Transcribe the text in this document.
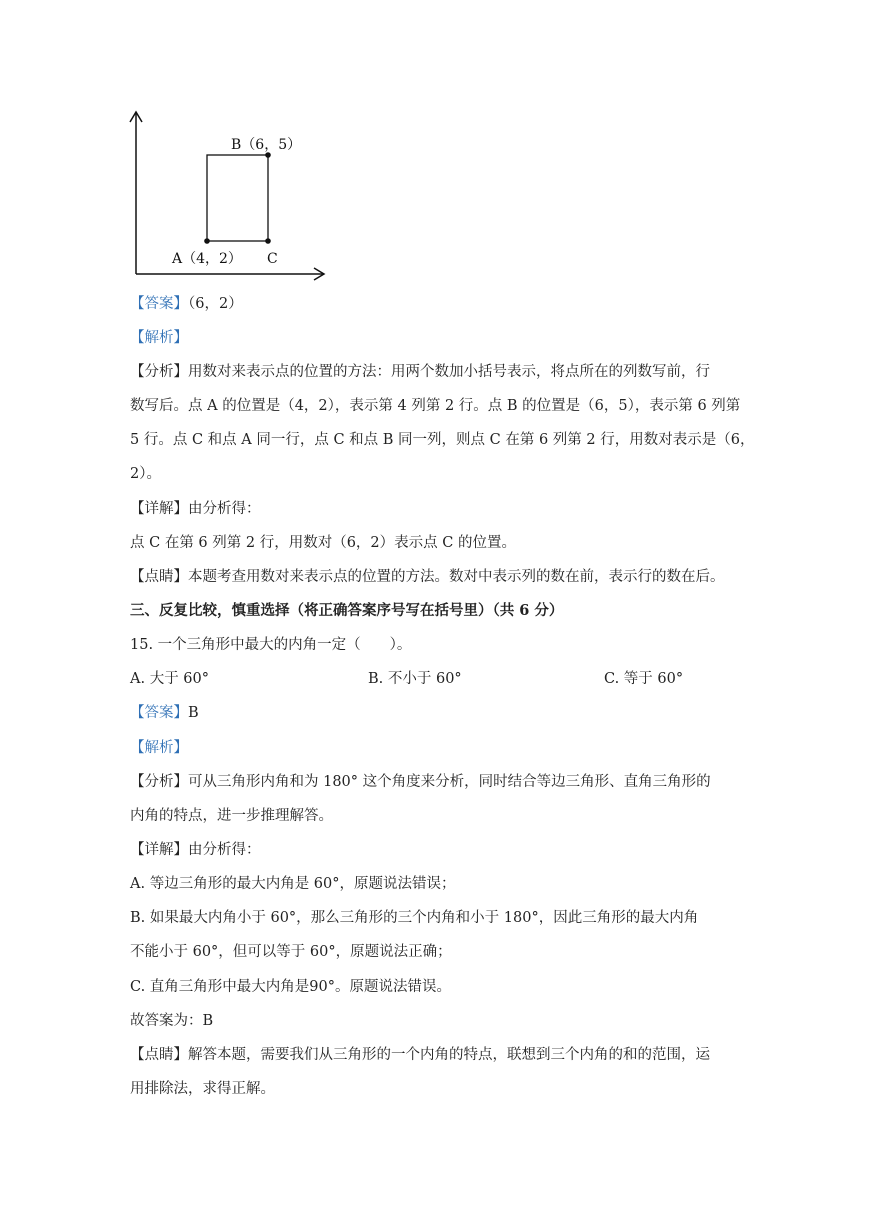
B（6，5）
A（4，2） C
【答案】（6，2）
【解析】
【分析】用数对来表示点的位置的方法：用两个数加小括号表示，将点所在的列数写前，行
数写后。点 A 的位置是（4，2），表示第 4 列第 2 行。点 B 的位置是（6，5），表示第 6 列第
5 行。点 C 和点 A 同一行，点 C 和点 B 同一列，则点 C 在第 6 列第 2 行，用数对表示是（6，
2）。
【详解】由分析得：
点 C 在第 6 列第 2 行，用数对（6，2）表示点 C 的位置。
【点睛】本题考查用数对来表示点的位置的方法。数对中表示列的数在前，表示行的数在后。
三、反复比较，慎重选择（将正确答案序号写在括号里）（共 6 分）
15. 一个三角形中最大的内角一定（　　）。
A. 大于 60°	B. 不小于 60°	C. 等于 60°
【答案】B
【解析】
【分析】可从三角形内角和为 180° 这个角度来分析，同时结合等边三角形、直角三角形的
内角的特点，进一步推理解答。
【详解】由分析得：
A. 等边三角形的最大内角是 60°，原题说法错误；
B. 如果最大内角小于 60°，那么三角形的三个内角和小于 180°，因此三角形的最大内角
不能小于 60°，但可以等于 60°，原题说法正确；
C. 直角三角形中最大内角是90°。原题说法错误。
故答案为：B
【点睛】解答本题，需要我们从三角形的一个内角的特点，联想到三个内角的和的范围，运
用排除法，求得正解。
